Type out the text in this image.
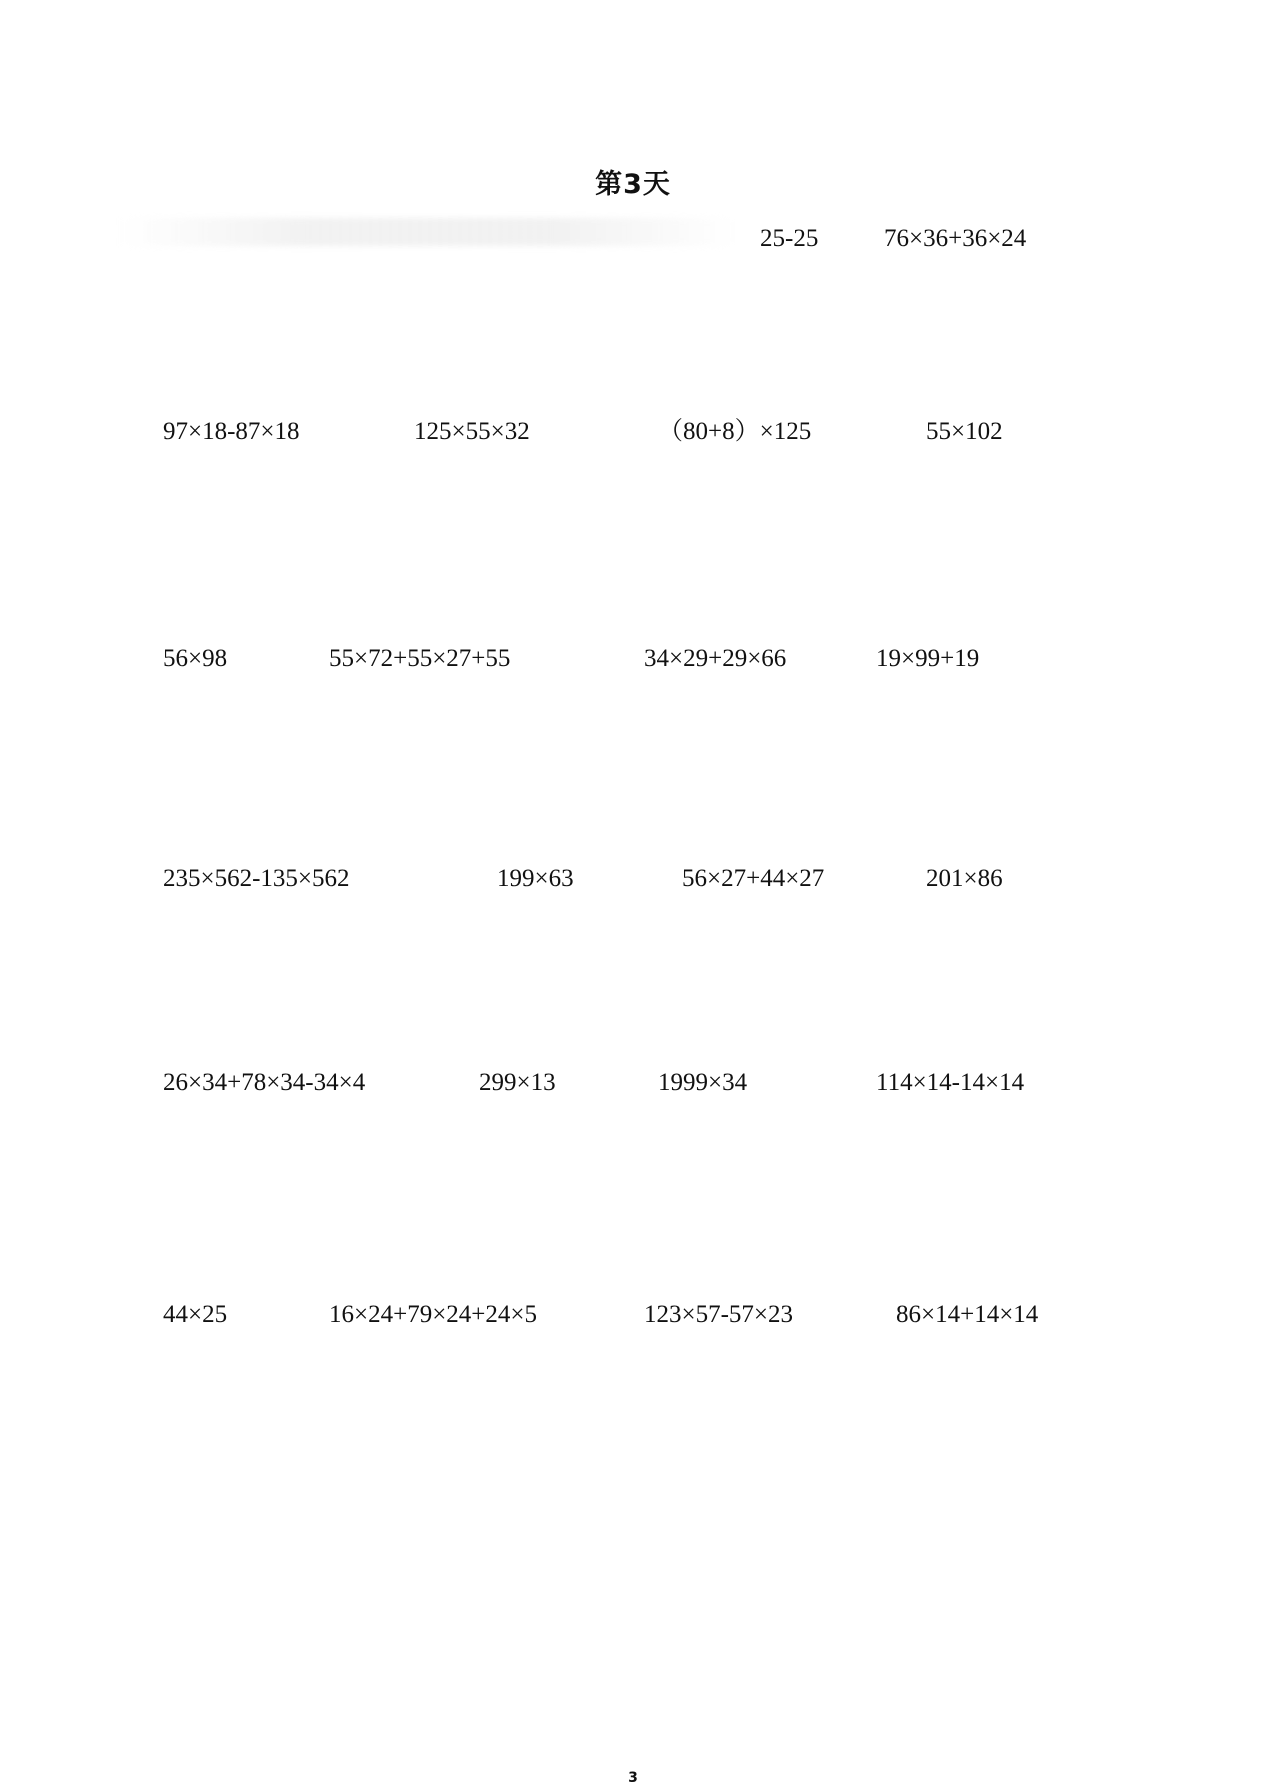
第3天
25-25	76×36+36×24
97×18-87×18	125×55×32	（80+8）×125	55×102
56×98	55×72+55×27+55	34×29+29×66	19×99+19
235×562-135×562	199×63	56×27+44×27	201×86
26×34+78×34-34×4	299×13	1999×34	114×14-14×14
44×25	16×24+79×24+24×5	123×57-57×23	86×14+14×14
3
